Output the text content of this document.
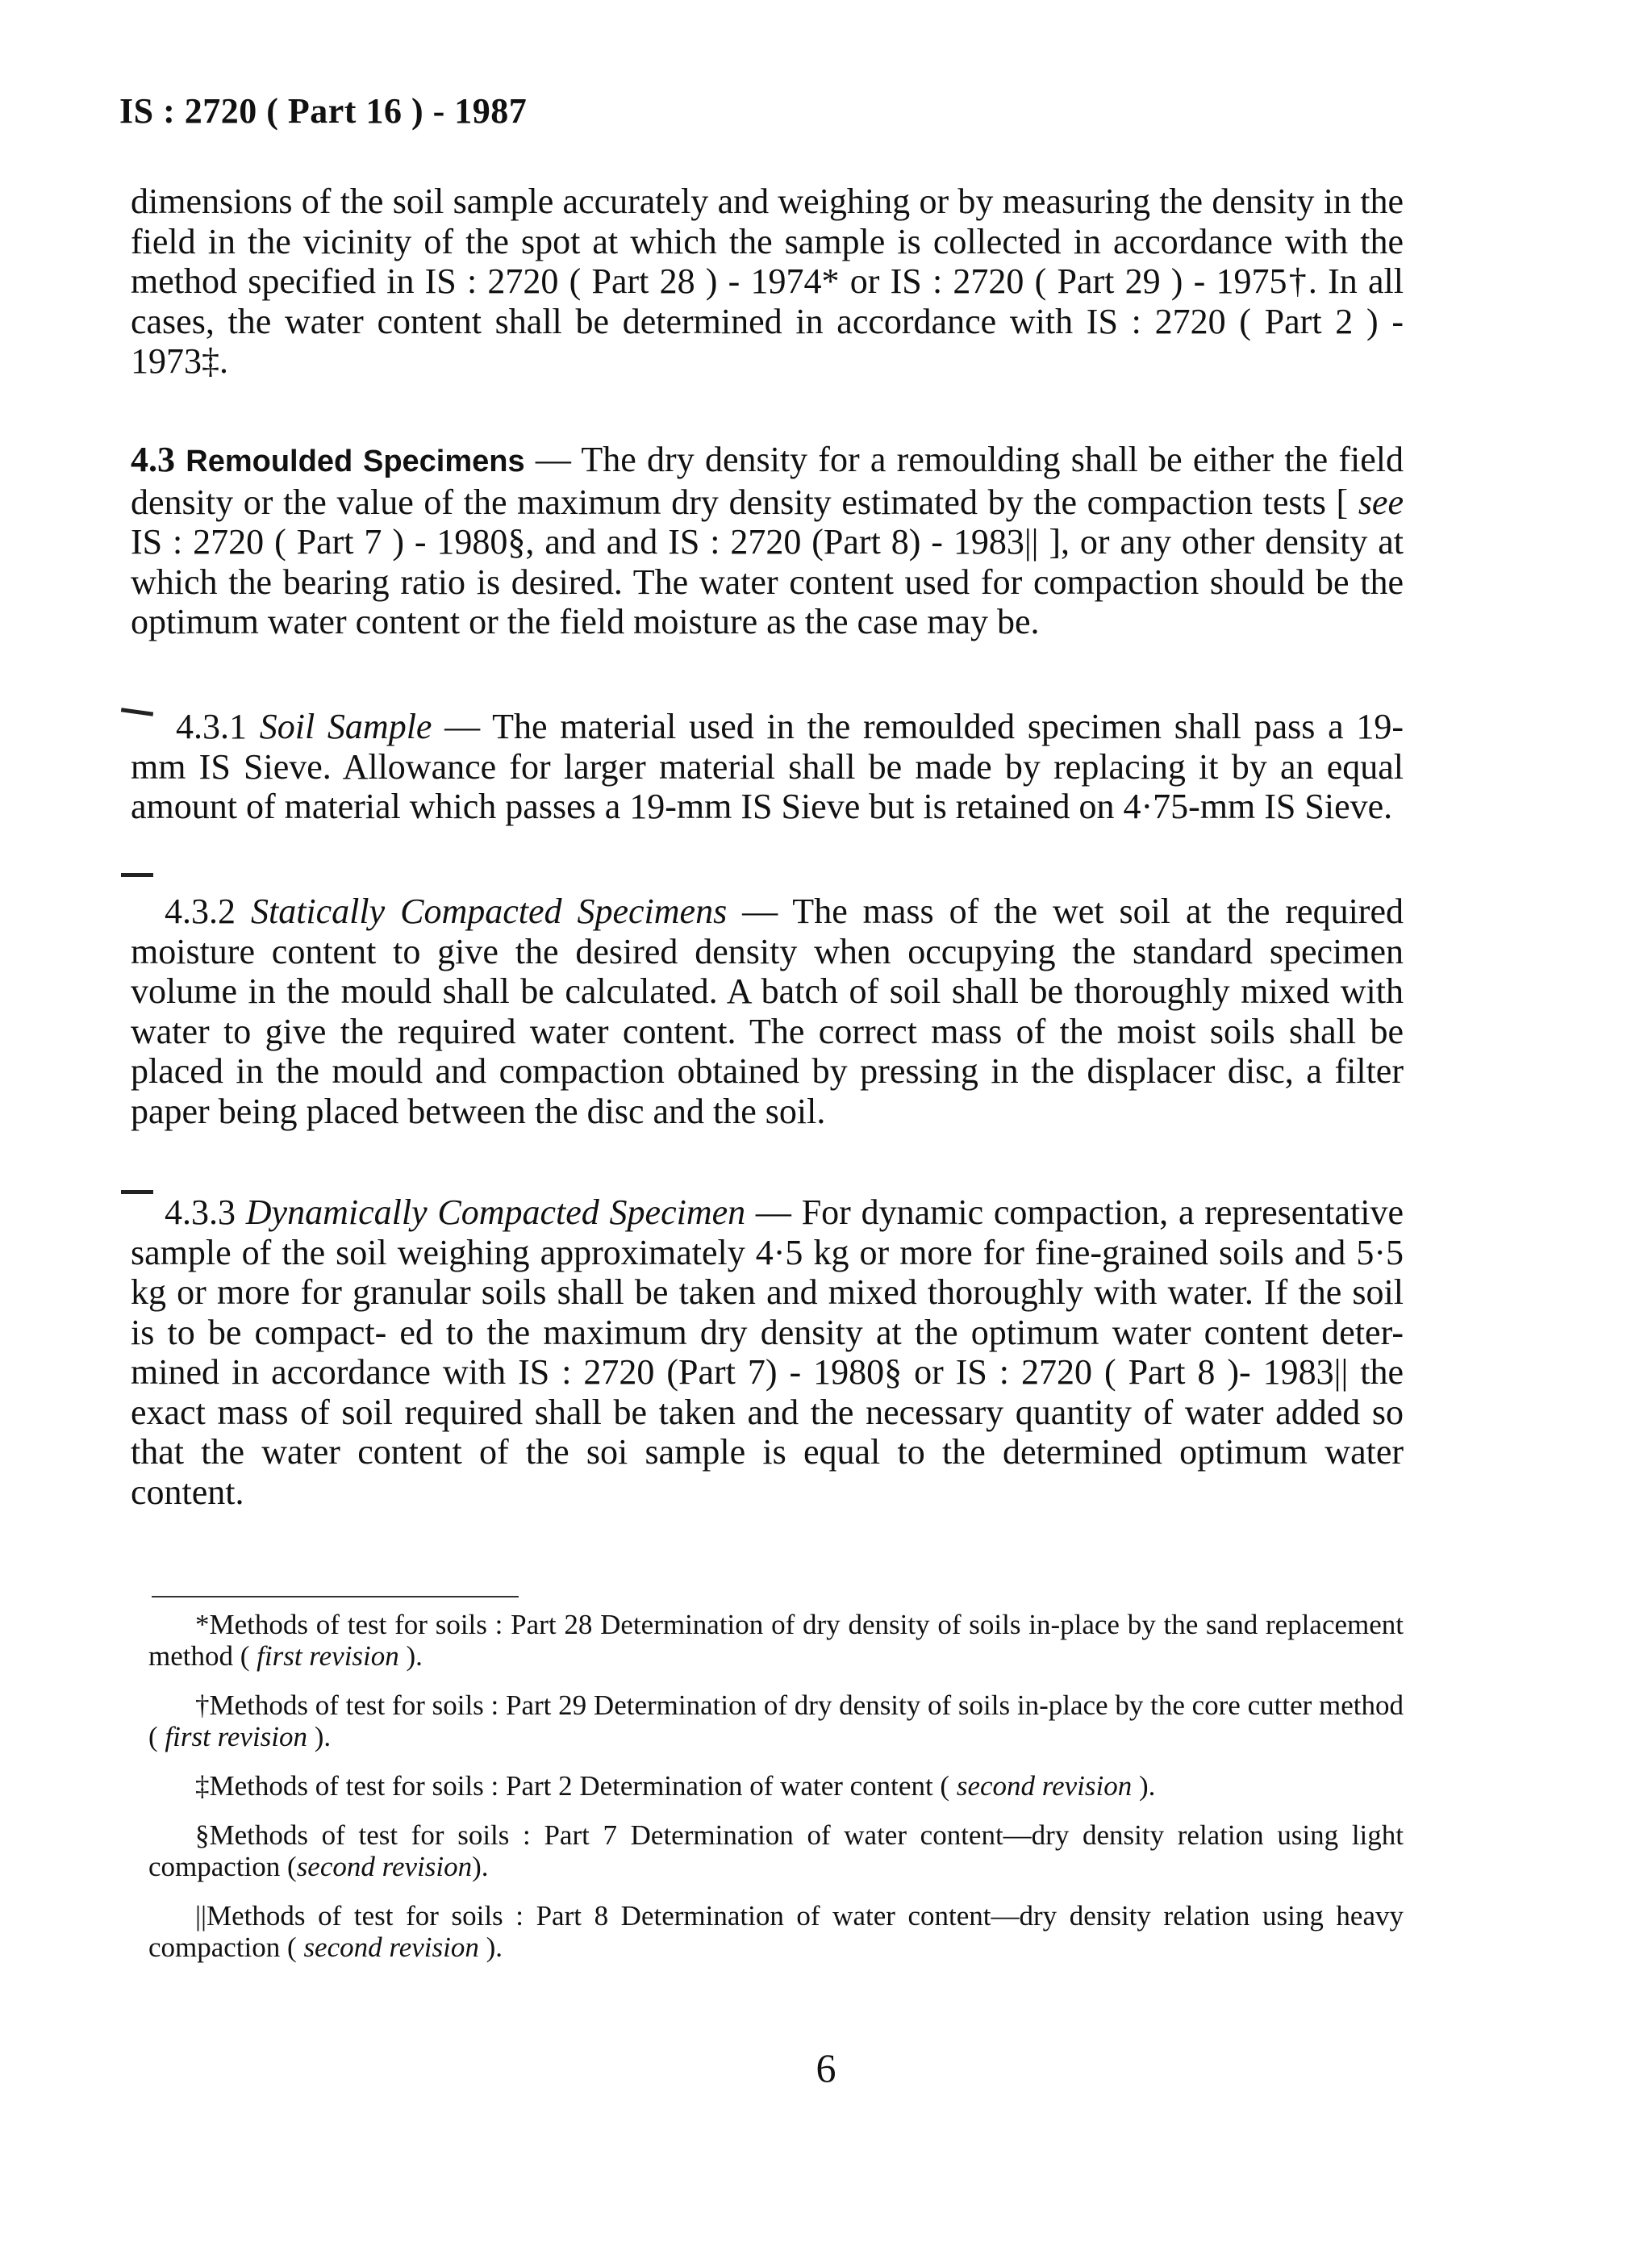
IS : 2720 ( Part 16 ) - 1987

dimensions of the soil sample accurately and weighing or by measuring the density in the field in the vicinity of the spot at which the sample is collected in accordance with the method specified in IS : 2720 ( Part 28 ) - 1974* or IS : 2720 ( Part 29 ) - 1975†. In all cases, the water content shall be determined in accordance with IS : 2720 ( Part 2 ) - 1973‡.

4.3 Remoulded Specimens — The dry density for a remoulding shall be either the field density or the value of the maximum dry density estimated by the compaction tests [ see IS : 2720 ( Part 7 ) - 1980§, and and IS : 2720 (Part 8) - 1983|| ], or any other density at which the bearing ratio is desired. The water content used for compaction should be the optimum water content or the field moisture as the case may be.

4.3.1 Soil Sample — The material used in the remoulded specimen shall pass a 19-mm IS Sieve. Allowance for larger material shall be made by replacing it by an equal amount of material which passes a 19-mm IS Sieve but is retained on 4·75-mm IS Sieve.

4.3.2 Statically Compacted Specimens — The mass of the wet soil at the required moisture content to give the desired density when occupying the standard specimen volume in the mould shall be calculated. A batch of soil shall be thoroughly mixed with water to give the required water content. The correct mass of the moist soils shall be placed in the mould and compaction obtained by pressing in the displacer disc, a filter paper being placed between the disc and the soil.

4.3.3 Dynamically Compacted Specimen — For dynamic compaction, a representative sample of the soil weighing approximately 4·5 kg or more for fine-grained soils and 5·5 kg or more for granular soils shall be taken and mixed thoroughly with water. If the soil is to be compact- ed to the maximum dry density at the optimum water content deter- mined in accordance with IS : 2720 (Part 7) - 1980§ or IS : 2720 ( Part 8 )- 1983|| the exact mass of soil required shall be taken and the necessary quantity of water added so that the water content of the soi sample is equal to the determined optimum water content.

*Methods of test for soils : Part 28 Determination of dry density of soils in-place by the sand replacement method ( first revision ).

†Methods of test for soils : Part 29 Determination of dry density of soils in-place by the core cutter method ( first revision ).

‡Methods of test for soils : Part 2 Determination of water content ( second revision ).

§Methods of test for soils : Part 7 Determination of water content—dry density relation using light compaction (second revision).

||Methods of test for soils : Part 8 Determination of water content—dry density relation using heavy compaction ( second revision ).

6
